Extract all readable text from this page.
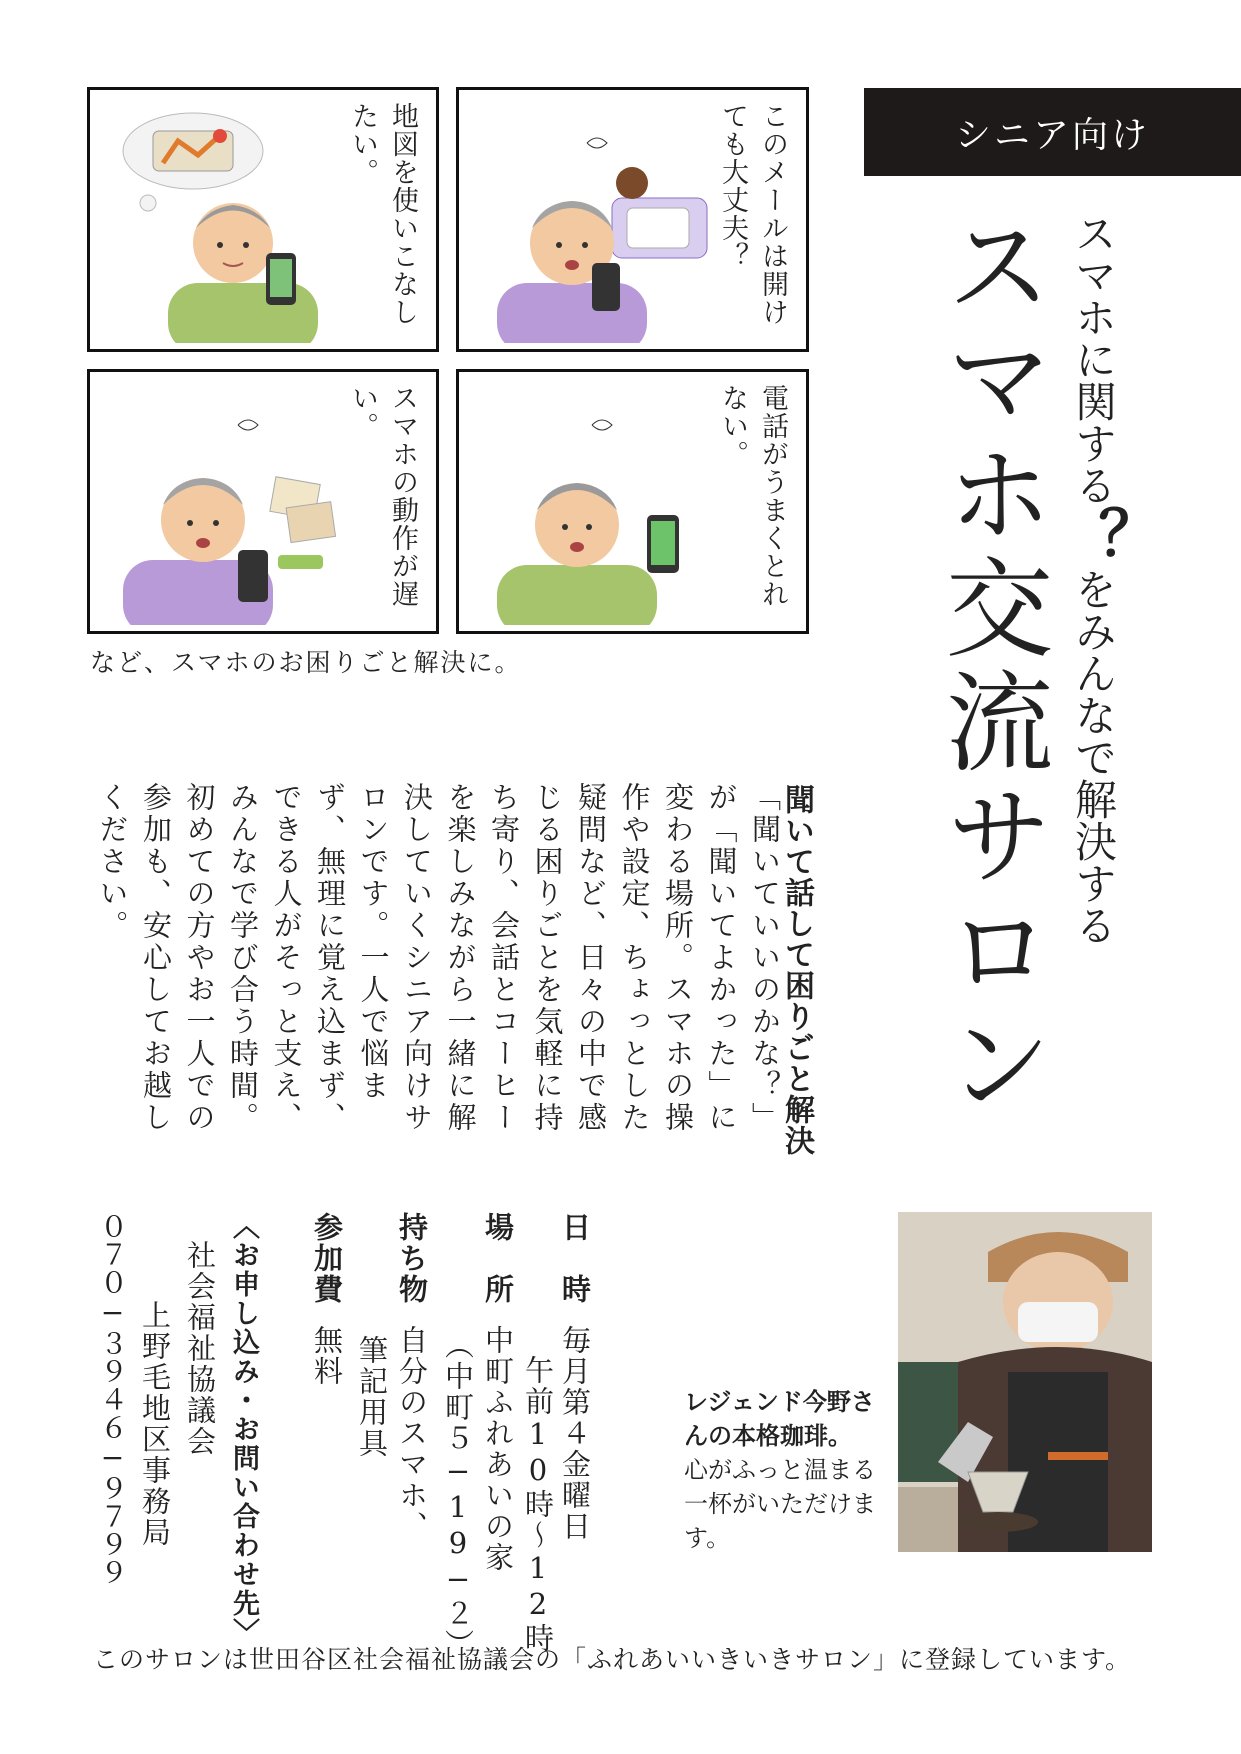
地図を使いこなしたい。	このメールは開けても大丈夫？
スマホの動作が遅い。	電話がうまくとれない。
など、スマホのお困りごと解決に。
シニア向け
スマホに関する？をみんなで解決する
スマホ交流サロン
聞いて話して困りごと解決
「聞いていいのかな？」が「聞いてよかった」に変わる場所。スマホの操作や設定、ちょっとした疑問など、日々の中で感じる困りごとを気軽に持ち寄り、会話とコーヒーを楽しみながら一緒に解決していくシニア向けサロンです。一人で悩まず、無理に覚え込まず、できる人がそっと支え、みんなで学び合う時間。初めての方やお一人での参加も、安心してお越しください。
日　時毎月第４金曜日
午前10時〜12時
場　所中町ふれあいの家
（中町５−19−２）
持ち物自分のスマホ、
筆記用具
参加費無料
〈お申し込み・お問い合わせ先〉
社会福祉協議会
上野毛地区事務局
０７０−３９４６−９７９９	レジェンド今野さんの本格珈琲。
心がふっと温まる一杯がいただけます。
このサロンは世田谷区社会福祉協議会の「ふれあいいきいきサロン」に登録しています。
